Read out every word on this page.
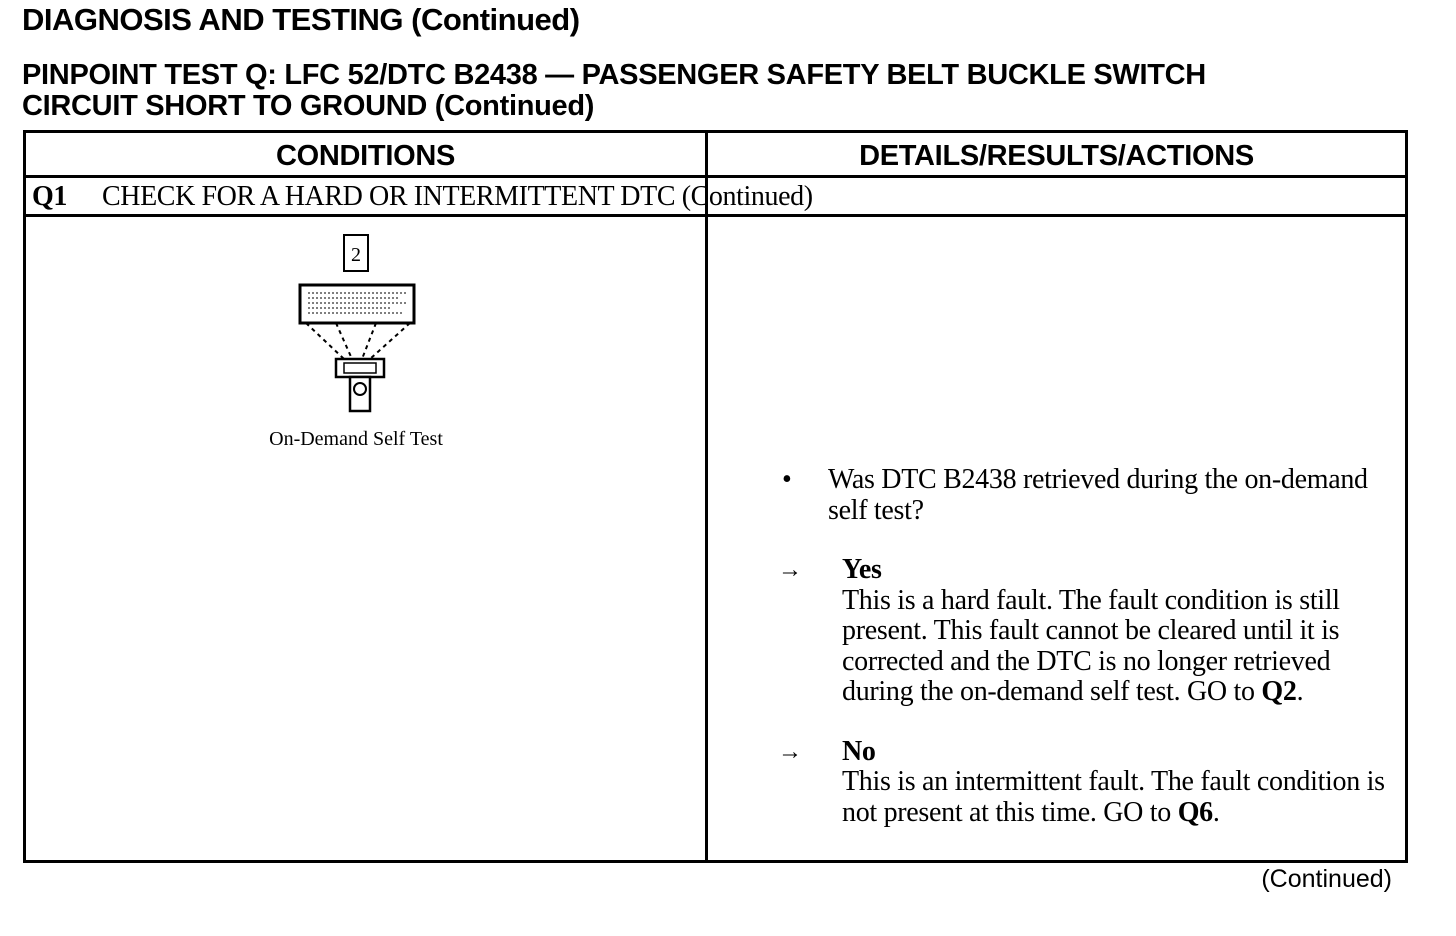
DIAGNOSIS AND TESTING (Continued)
PINPOINT TEST Q: LFC 52/DTC B2438 — PASSENGER SAFETY BELT BUCKLE SWITCH
CIRCUIT SHORT TO GROUND (Continued)
CONDITIONS	DETAILS/RESULTS/ACTIONS
Q1 CHECK FOR A HARD OR INTERMITTENT DTC (Continued)
2
On-Demand Self Test
•	Was DTC B2438 retrieved during the on-demand self test?
→	Yes
This is a hard fault. The fault condition is still present. This fault cannot be cleared until it is corrected and the DTC is no longer retrieved during the on-demand self test. GO to Q2.
→	No
This is an intermittent fault. The fault condition is not present at this time. GO to Q6.
(Continued)
